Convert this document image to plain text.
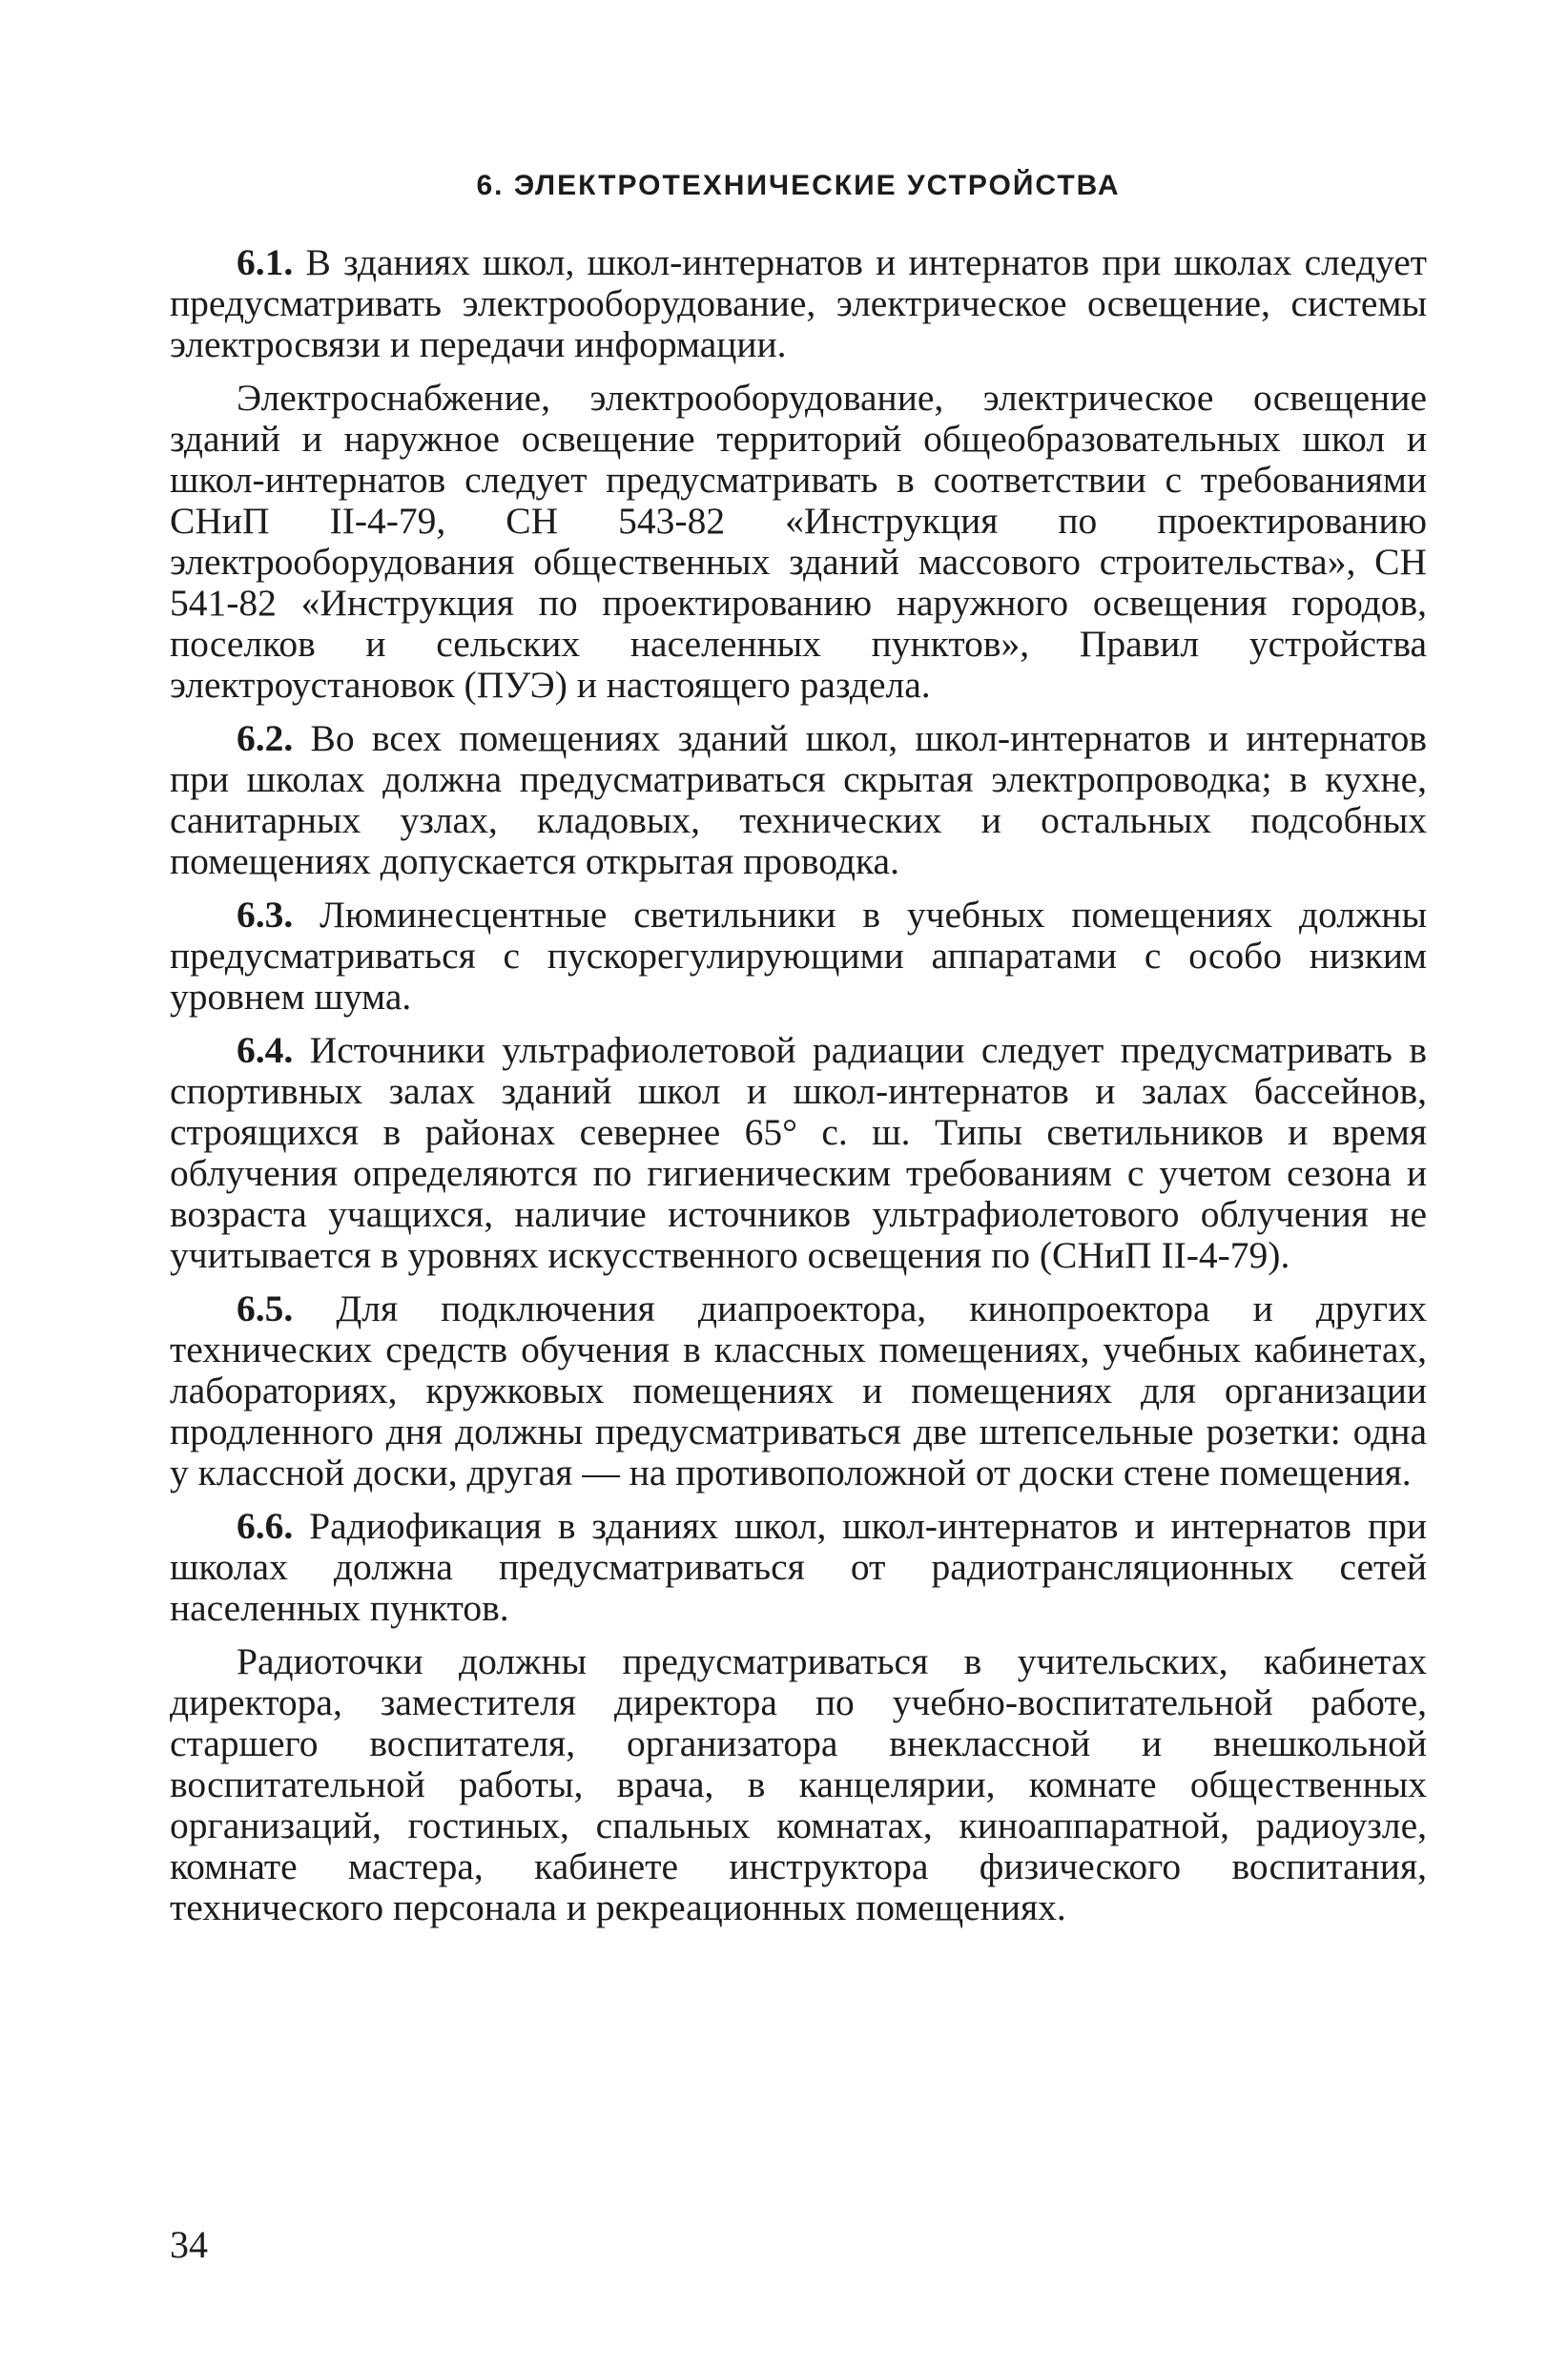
6. ЭЛЕКТРОТЕХНИЧЕСКИЕ УСТРОЙСТВА

6.1. В зданиях школ, школ-интернатов и интернатов при школах следует предусматривать электрооборудование, электрическое освещение, системы электросвязи и передачи информации.

Электроснабжение, электрооборудование, электрическое освещение зданий и наружное освещение территорий общеобразовательных школ и школ-интернатов следует предусматривать в соответствии с требованиями СНиП II-4-79, СН 543-82 «Инструкция по проектированию электрооборудования общественных зданий массового строительства», СН 541-82 «Инструкция по проектированию наружного освещения городов, поселков и сельских населенных пунктов», Правил устройства электроустановок (ПУЭ) и настоящего раздела.

6.2. Во всех помещениях зданий школ, школ-интернатов и интернатов при школах должна предусматриваться скрытая электропроводка; в кухне, санитарных узлах, кладовых, технических и остальных подсобных помещениях допускается открытая проводка.

6.3. Люминесцентные светильники в учебных помещениях должны предусматриваться с пускорегулирующими аппаратами с особо низким уровнем шума.

6.4. Источники ультрафиолетовой радиации следует предусматривать в спортивных залах зданий школ и школ-интернатов и залах бассейнов, строящихся в районах севернее 65° с. ш. Типы светильников и время облучения определяются по гигиеническим требованиям с учетом сезона и возраста учащихся, наличие источников ультрафиолетового облучения не учитывается в уровнях искусственного освещения по (СНиП II-4-79).

6.5. Для подключения диапроектора, кинопроектора и других технических средств обучения в классных помещениях, учебных кабинетах, лабораториях, кружковых помещениях и помещениях для организации продленного дня должны предусматриваться две штепсельные розетки: одна у классной доски, другая — на противоположной от доски стене помещения.

6.6. Радиофикация в зданиях школ, школ-интернатов и интернатов при школах должна предусматриваться от радиотрансляционных сетей населенных пунктов.

Радиоточки должны предусматриваться в учительских, кабинетах директора, заместителя директора по учебно-воспитательной работе, старшего воспитателя, организатора внеклассной и внешкольной воспитательной работы, врача, в канцелярии, комнате общественных организаций, гостиных, спальных комнатах, киноаппаратной, радиоузле, комнате мастера, кабинете инструктора физического воспитания, технического персонала и рекреационных помещениях.

34
